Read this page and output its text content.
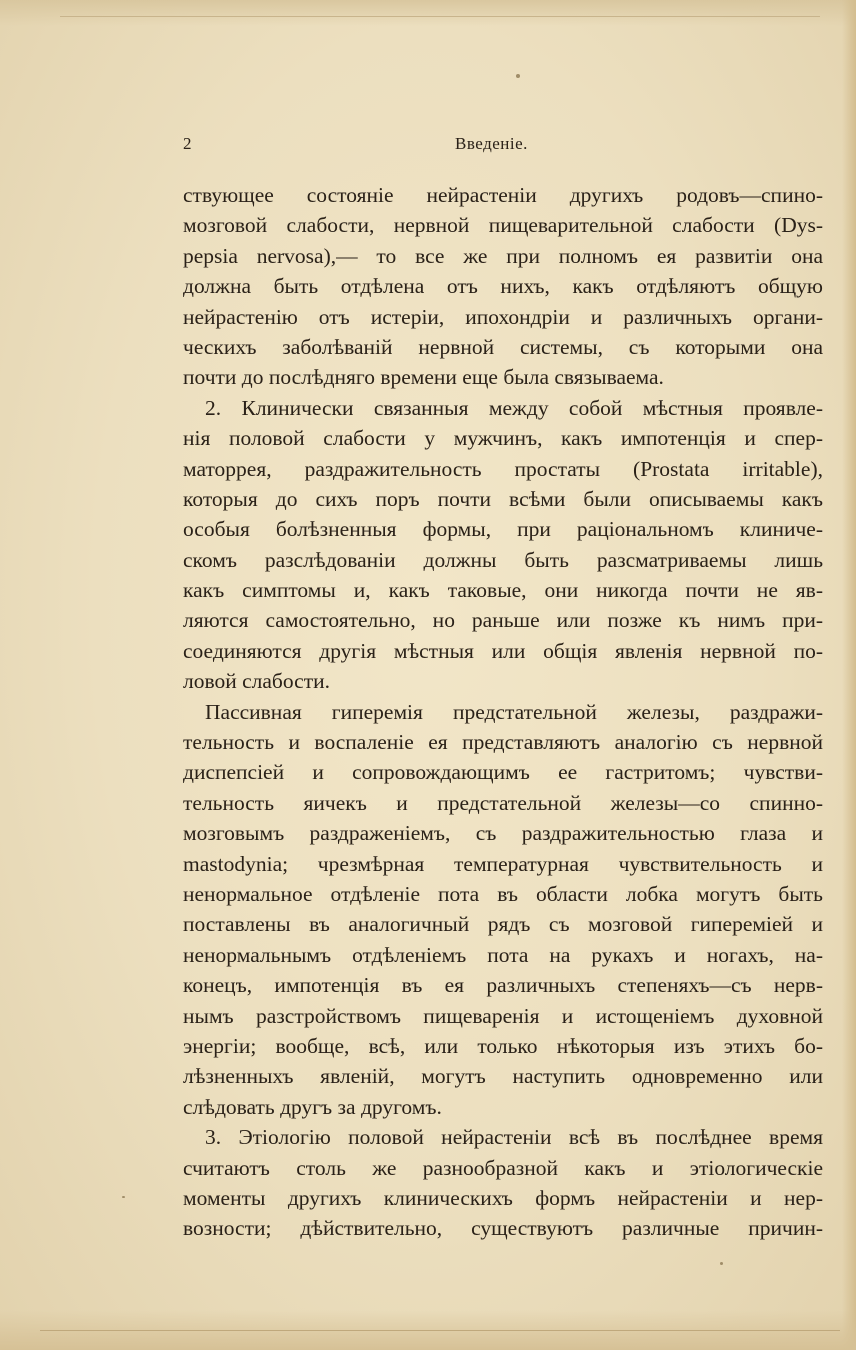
2	Введеніе.
ствующее состояніе нейрастеніи другихъ родовъ—спино-
мозговой слабости, нервной пищеварительной слабости (Dys-
pepsia nervosa),— то все же при полномъ ея развитіи она
должна быть отдѣлена отъ нихъ, какъ отдѣляютъ общую
нейрастенію отъ истеріи, ипохондріи и различныхъ органи-
ческихъ заболѣваній нервной системы, съ которыми она
почти до послѣдняго времени еще была связываема.
2. Клинически связанныя между собой мѣстныя проявле-
нія половой слабости у мужчинъ, какъ импотенція и спер-
маторрея, раздражительность простаты (Prostata irritable),
которыя до сихъ поръ почти всѣми были описываемы какъ
особыя болѣзненныя формы, при раціональномъ клиниче-
скомъ разслѣдованіи должны быть разсматриваемы лишь
какъ симптомы и, какъ таковые, они никогда почти не яв-
ляются самостоятельно, но раньше или позже къ нимъ при-
соединяются другія мѣстныя или общія явленія нервной по-
ловой слабости.
Пассивная гиперемія предстательной железы, раздражи-
тельность и воспаленіе ея представляютъ аналогію съ нервной
диспепсіей и сопровождающимъ ее гастритомъ; чувстви-
тельность яичекъ и предстательной железы—со спинно-
мозговымъ раздраженіемъ, съ раздражительностью глаза и
mastodynia; чрезмѣрная температурная чувствительность и
ненормальное отдѣленіе пота въ области лобка могутъ быть
поставлены въ аналогичный рядъ съ мозговой гиперемiей и
ненормальнымъ отдѣленіемъ пота на рукахъ и ногахъ, на-
конецъ, импотенція въ ея различныхъ степеняхъ—съ нерв-
нымъ разстройствомъ пищеваренія и истощеніемъ духовной
энергіи; вообще, всѣ, или только нѣкоторыя изъ этихъ бо-
лѣзненныхъ явленій, могутъ наступить одновременно или
слѣдовать другъ за другомъ.
3. Этіологію половой нейрастеніи всѣ въ послѣднее время
считаютъ столь же разнообразной какъ и этіологическіе
моменты другихъ клиническихъ формъ нейрастеніи и нер-
возности; дѣйствительно, существуютъ различные причин-
